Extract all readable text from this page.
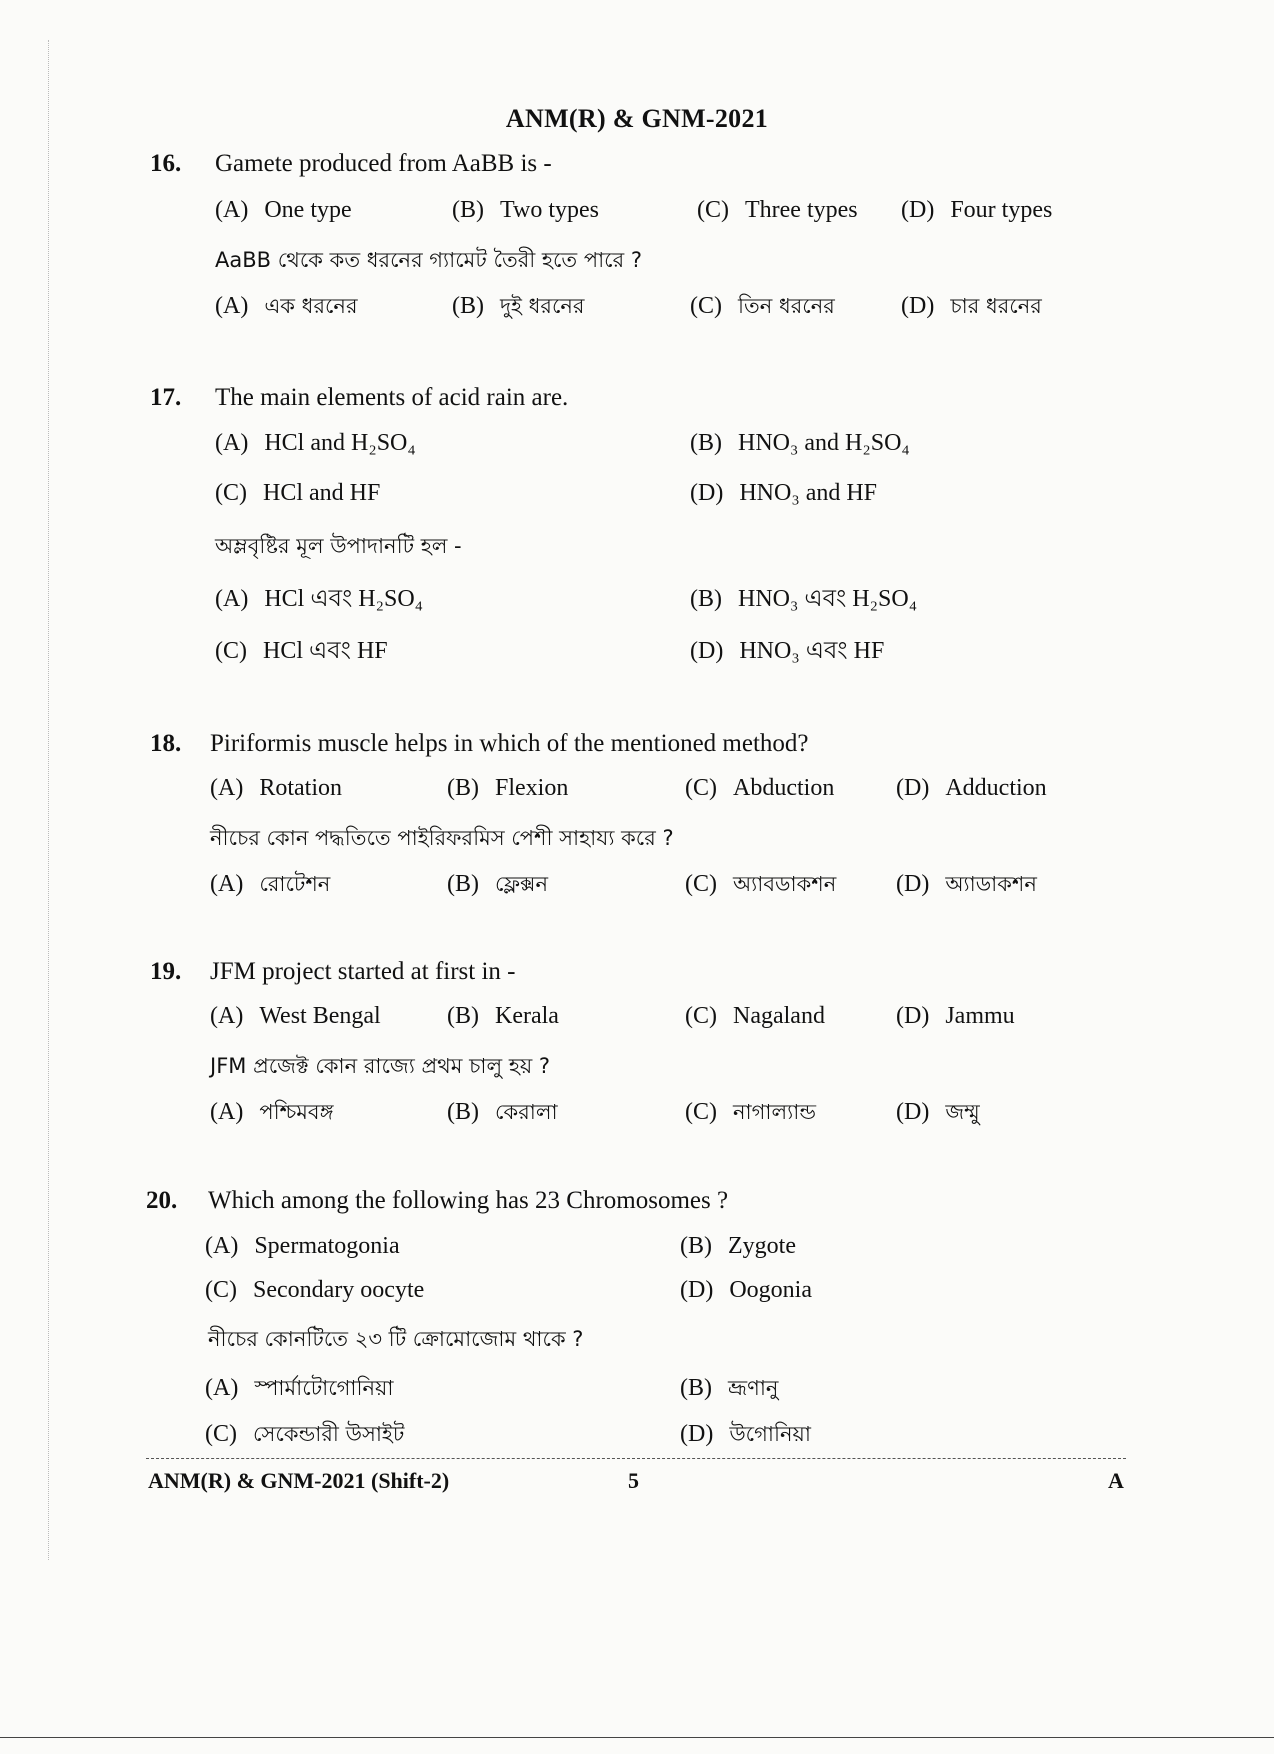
ANM(R) & GNM-2021
16. Gamete produced from AaBB is -
(A) One type	(B) Two types	(C) Three types (D) Four types
AaBB থেকে কত ধরনের গ্যামেট তৈরী হতে পারে ?
(A) এক ধরনের	(B) দুই ধরনের	(C) তিন ধরনের	(D) চার ধরনের
17. The main elements of acid rain are.
(A) HCl and H₂SO₄	(B) HNO₃ and H₂SO₄
(C) HCl and HF	(D) HNO₃ and HF
অম্লবৃষ্টির মূল উপাদানটি হল -
(A) HCl এবং H₂SO₄	(B) HNO₃ এবং H₂SO₄
(C) HCl এবং HF	(D) HNO₃ এবং HF
18. Piriformis muscle helps in which of the mentioned method?
(A) Rotation	(B) Flexion	(C) Abduction	(D) Adduction
নীচের কোন পদ্ধতিতে পাইরিফরমিস পেশী সাহায্য করে ?
(A) রোটেশন	(B) ফ্লেক্সন	(C) অ্যাবডাকশন (D) অ্যাডাকশন
19. JFM project started at first in -
(A) West Bengal	(B) Kerala	(C) Nagaland	(D) Jammu
JFM প্রজেক্ট কোন রাজ্যে প্রথম চালু হয় ?
(A) পশ্চিমবঙ্গ	(B) কেরালা	(C) নাগাল্যান্ড	(D) জম্মু
20. Which among the following has 23 Chromosomes ?
(A) Spermatogonia	(B) Zygote
(C) Secondary oocyte	(D) Oogonia
নীচের কোনটিতে ২৩ টি ক্রোমোজোম থাকে ?
(A) স্পার্মাটোগোনিয়া	(B) ভ্রূণানু
(C) সেকেন্ডারী উসাইট	(D) উগোনিয়া
ANM(R) & GNM-2021 (Shift-2)	5	A
